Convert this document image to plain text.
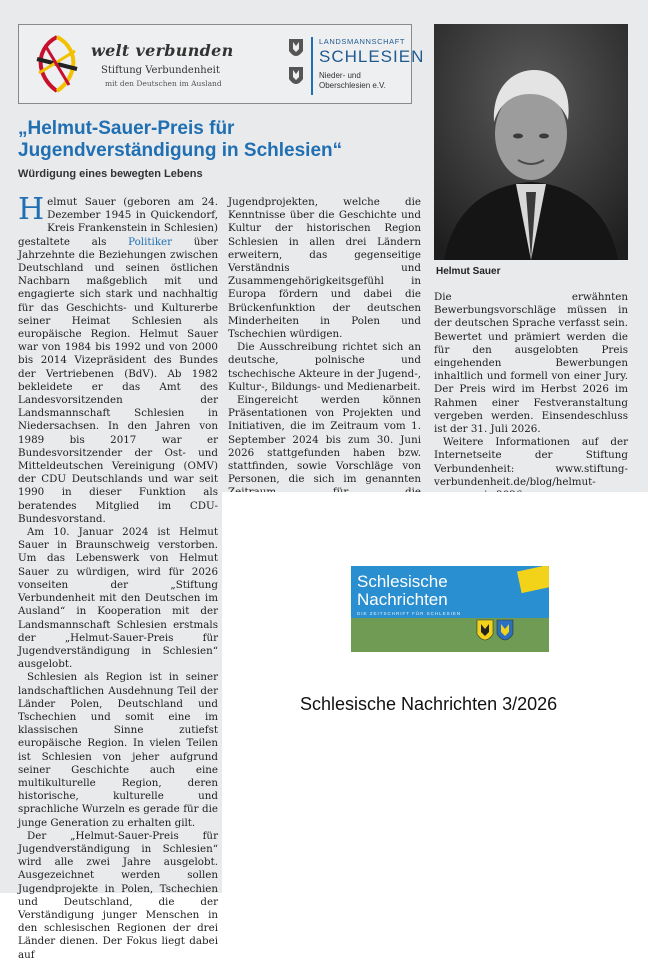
welt verbunden
Stiftung Verbundenheit
mit den Deutschen im Ausland
LANDSMANNSCHAFT
SCHLESIEN
Nieder- und
Oberschlesien e.V.
„Helmut-Sauer-Preis für Jugendverständigung in Schlesien“
Würdigung eines bewegten Lebens

Helmut Sauer (geboren am 24. Dezember 1945 in Quickendorf, Kreis Frankenstein in Schlesien) gestaltete als Politiker über Jahrzehnte die Beziehungen zwischen Deutschland und seinen östlichen Nachbarn maßgeblich mit und engagierte sich stark und nachhaltig für das Geschichts- und Kulturerbe seiner Heimat Schlesien als europäische Region. Helmut Sauer war von 1984 bis 1992 und von 2000 bis 2014 Vizepräsident des Bundes der Vertriebenen (BdV). Ab 1982 bekleidete er das Amt des Landesvorsitzenden der Landsmannschaft Schlesien in Niedersachsen. In den Jahren von 1989 bis 2017 war er Bundesvorsitzender der Ost- und Mitteldeutschen Vereinigung (OMV) der CDU Deutschlands und war seit 1990 in dieser Funktion als beratendes Mitglied im CDU-Bundesvorstand.

Am 10. Januar 2024 ist Helmut Sauer in Braunschweig verstorben. Um das Lebenswerk von Helmut Sauer zu würdigen, wird für 2026 vonseiten der „Stiftung Verbundenheit mit den Deutschen im Ausland“ in Kooperation mit der Landsmannschaft Schlesien erstmals der „Helmut-Sauer-Preis für Jugendverständigung in Schlesien“ ausgelobt.

Schlesien als Region ist in seiner landschaftlichen Ausdehnung Teil der Länder Polen, Deutschland und Tschechien und somit eine im klassischen Sinne zutiefst europäische Region. In vielen Teilen ist Schlesien von jeher aufgrund seiner Geschichte auch eine multikulturelle Region, deren historische, kulturelle und sprachliche Wurzeln es gerade für die junge Generation zu erhalten gilt.

Der „Helmut-Sauer-Preis für Jugendverständigung in Schlesien“ wird alle zwei Jahre ausgelobt. Ausgezeichnet werden sollen Jugendprojekte in Polen, Tschechien und Deutschland, die der Verständigung junger Menschen in den schlesischen Regionen der drei Länder dienen. Der Fokus liegt dabei auf

Jugendprojekten, welche die Kenntnisse über die Geschichte und Kultur der historischen Region Schlesien in allen drei Ländern erweitern, das gegenseitige Verständnis und Zusammengehörigkeitsgefühl in Europa fördern und dabei die Brückenfunktion der deutschen Minderheiten in Polen und Tschechien würdigen.

Die Ausschreibung richtet sich an deutsche, polnische und tschechische Akteure in der Jugend-, Kultur-, Bildungs- und Medienarbeit.

Eingereicht werden können Präsentationen von Projekten und Initiativen, die im Zeitraum vom 1. September 2024 bis zum 30. Juni 2026 stattgefunden haben bzw. stattfinden, sowie Vorschläge von Personen, die sich im genannten

Helmut Sauer

Die erwähnten Bewerbungsvorschläge müssen in der deutschen Sprache verfasst sein. Bewertet und prämiert werden die für den ausgelobten Preis eingehenden Bewerbungen inhaltlich und formell von einer Jury. Der Preis wird im Herbst 2026 im Rahmen einer Festveranstaltung vergeben werden. Einsendeschluss ist der 31. Juli 2026.

Weitere Informationen auf der Internetseite der Stiftung Verbundenheit: www.stiftung-verbundenheit.de/blog/helmut-

Schlesische
Nachrichten
DIE ZEITSCHRIFT FÜR SCHLESIEN
Schlesische Nachrichten 3/2026
